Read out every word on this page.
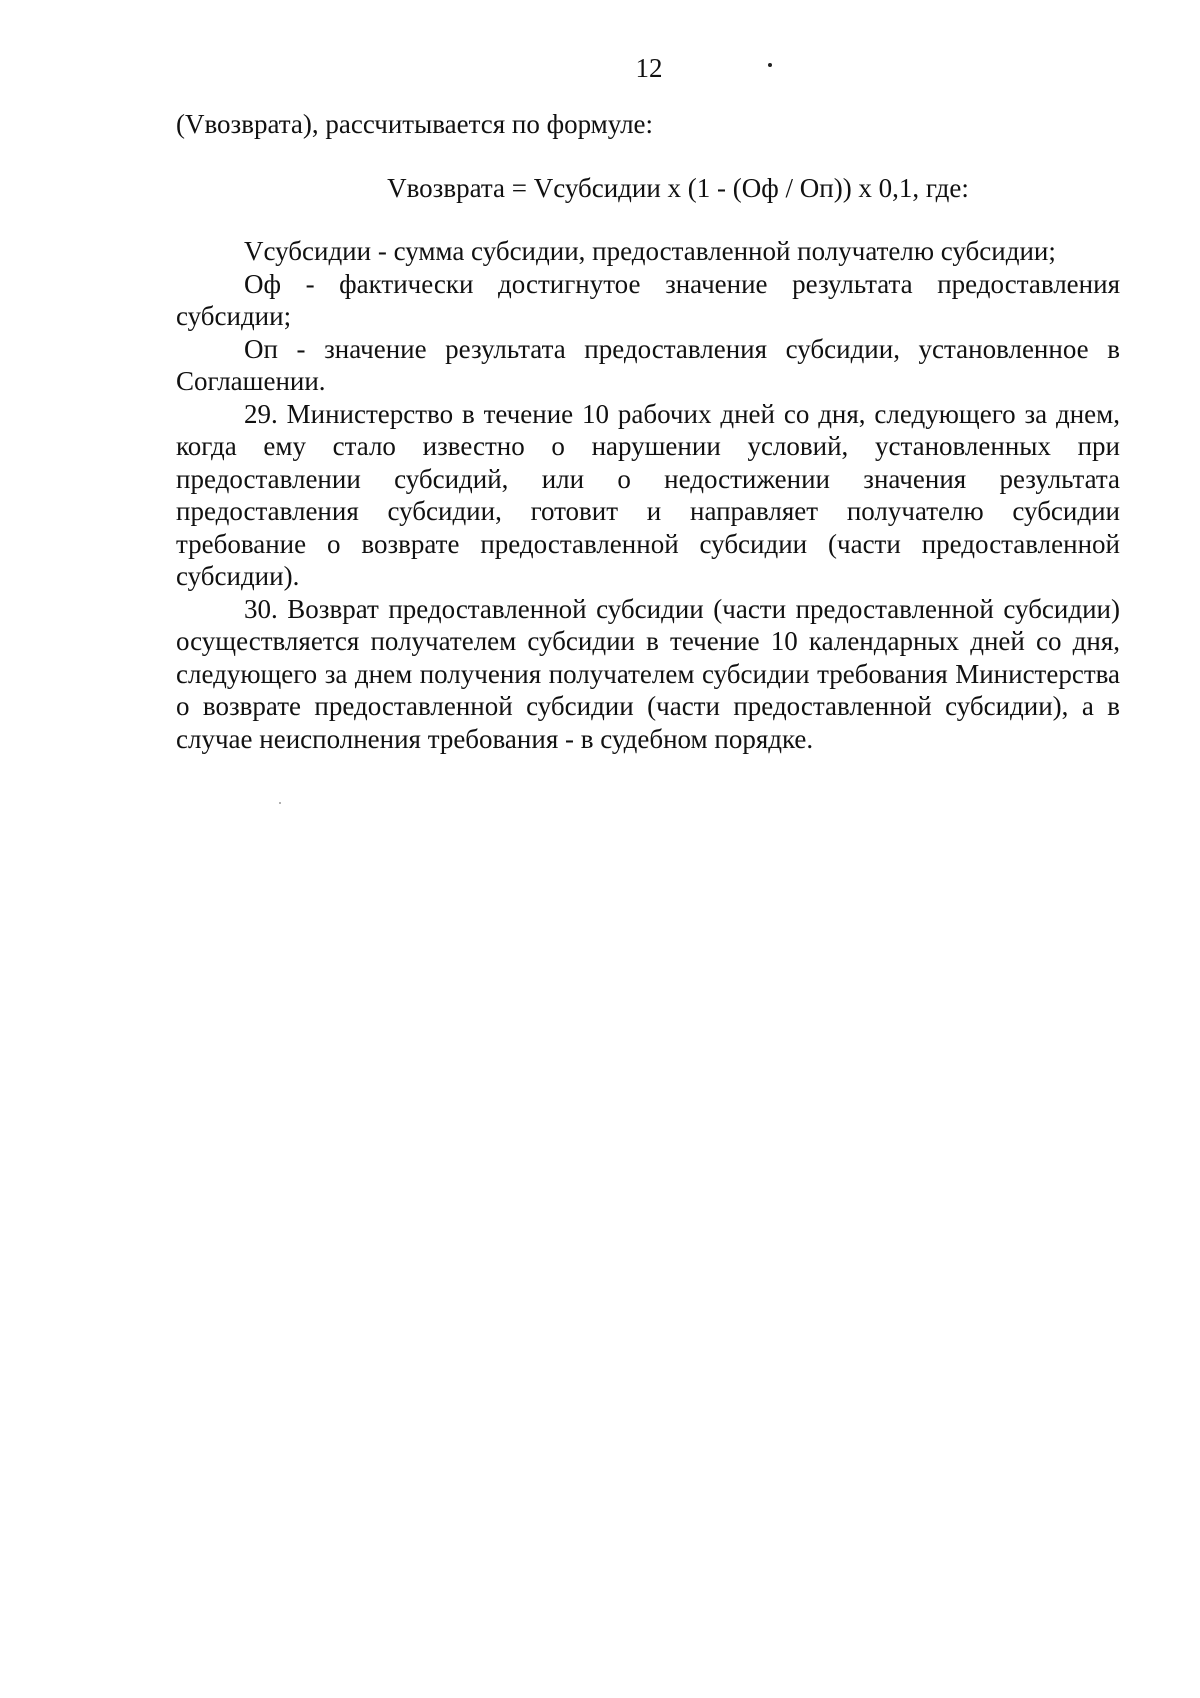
12

(Vвозврата), рассчитывается по формуле:

Vвозврата = Vсубсидии x (1 - (Оф / Оп)) x 0,1, где:

Vсубсидии - сумма субсидии, предоставленной получателю субсидии;

Оф - фактически достигнутое значение результата предоставления субсидии;

Оп - значение результата предоставления субсидии, установленное в Соглашении.

29. Министерство в течение 10 рабочих дней со дня, следующего за днем, когда ему стало известно о нарушении условий, установленных при предоставлении субсидий, или о недостижении значения результата предоставления субсидии, готовит и направляет получателю субсидии требование о возврате предоставленной субсидии (части предоставленной субсидии).

30. Возврат предоставленной субсидии (части предоставленной субсидии) осуществляется получателем субсидии в течение 10 календарных дней со дня, следующего за днем получения получателем субсидии требования Министерства о возврате предоставленной субсидии (части предоставленной субсидии), а в случае неисполнения требования - в судебном порядке.
